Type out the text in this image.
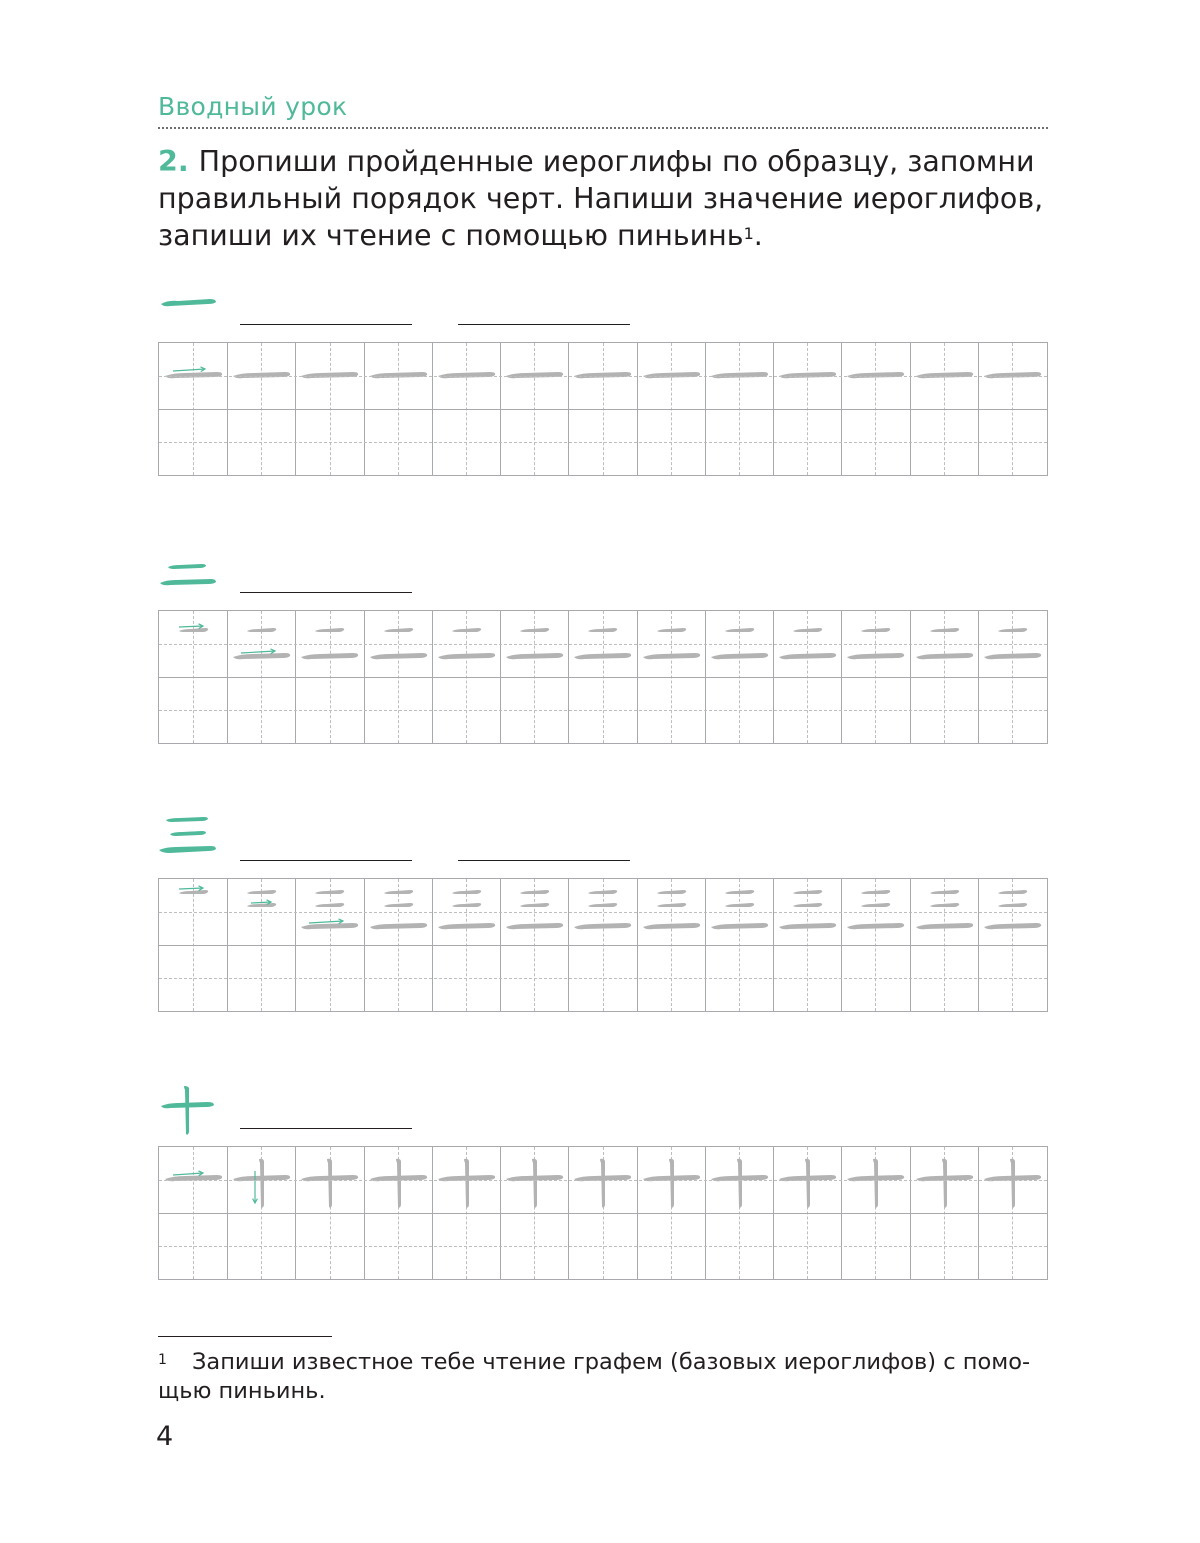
Вводный урок
2. Пропиши пройденные иероглифы по образцу, запомни правильный порядок черт. Напиши значение иероглифов, запиши их чтение с помощью пиньинь$^1$.
1 Запиши известное тебе чтение графем (базовых иероглифов) с помо-щью пиньинь.
4
